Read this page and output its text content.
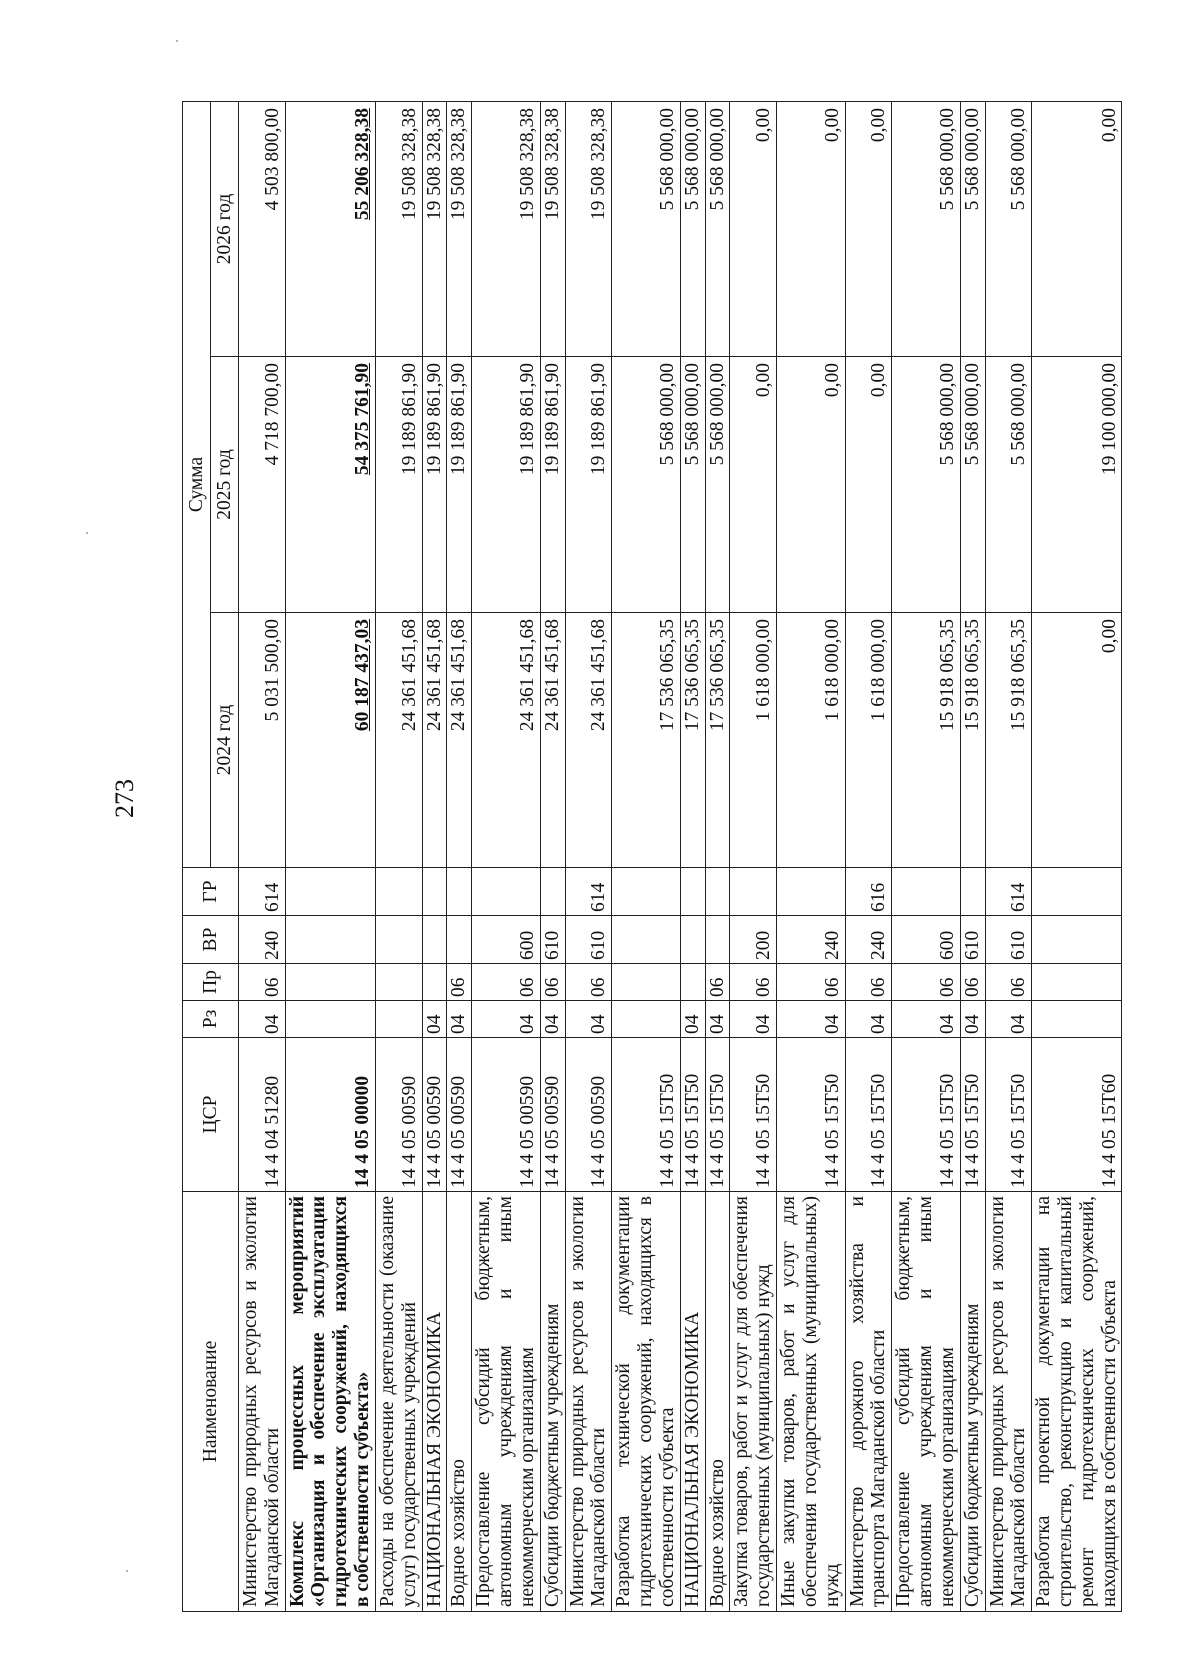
273
Наименование	ЦСР	Рз	Пр	ВР	ГР	Сумма		
						2024 год	2025 год	2026 год
Министерство природных ресурсов и экологии Магаданской области	14 4 04 51280	04	06	240	614	5 031 500,00	4 718 700,00	4 503 800,00
Комплекс процессных мероприятий «Организация и обеспечение эксплуатации гидротехнических сооружений, находящихся в собственности субъекта»	14 4 05 00000					60 187 437,03	54 375 761,90	55 206 328,38
Расходы на обеспечение деятельности (оказание услуг) государственных учреждений	14 4 05 00590					24 361 451,68	19 189 861,90	19 508 328,38
НАЦИОНАЛЬНАЯ ЭКОНОМИКА	14 4 05 00590	04				24 361 451,68	19 189 861,90	19 508 328,38
Водное хозяйство	14 4 05 00590	04	06			24 361 451,68	19 189 861,90	19 508 328,38
Предоставление субсидий бюджетным, автономным учреждениям и иным некоммерческим организациям	14 4 05 00590	04	06	600		24 361 451,68	19 189 861,90	19 508 328,38
Субсидии бюджетным учреждениям	14 4 05 00590	04	06	610		24 361 451,68	19 189 861,90	19 508 328,38
Министерство природных ресурсов и экологии Магаданской области	14 4 05 00590	04	06	610	614	24 361 451,68	19 189 861,90	19 508 328,38
Разработка технической документации гидротехнических сооружений, находящихся в собственности субъекта	14 4 05 15Т50					17 536 065,35	5 568 000,00	5 568 000,00
НАЦИОНАЛЬНАЯ ЭКОНОМИКА	14 4 05 15Т50	04				17 536 065,35	5 568 000,00	5 568 000,00
Водное хозяйство	14 4 05 15Т50	04	06			17 536 065,35	5 568 000,00	5 568 000,00
Закупка товаров, работ и услуг для обеспечения государственных (муниципальных) нужд	14 4 05 15Т50	04	06	200		1 618 000,00	0,00	0,00
Иные закупки товаров, работ и услуг для обеспечения государственных (муниципальных) нужд	14 4 05 15Т50	04	06	240		1 618 000,00	0,00	0,00
Министерство дорожного хозяйства и транспорта Магаданской области	14 4 05 15Т50	04	06	240	616	1 618 000,00	0,00	0,00
Предоставление субсидий бюджетным, автономным учреждениям и иным некоммерческим организациям	14 4 05 15Т50	04	06	600		15 918 065,35	5 568 000,00	5 568 000,00
Субсидии бюджетным учреждениям	14 4 05 15Т50	04	06	610		15 918 065,35	5 568 000,00	5 568 000,00
Министерство природных ресурсов и экологии Магаданской области	14 4 05 15Т50	04	06	610	614	15 918 065,35	5 568 000,00	5 568 000,00
Разработка проектной документации на строительство, реконструкцию и капитальный ремонт гидротехнических сооружений, находящихся в собственности субъекта	14 4 05 15Т60					0,00	19 100 000,00	0,00
